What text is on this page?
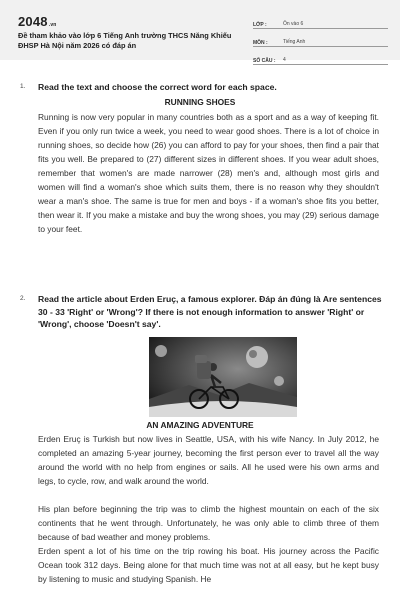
2048.vn
Đề tham khảo vào lớp 6 Tiếng Anh trường THCS Năng Khiếu ĐHSP Hà Nội năm 2026 có đáp án
LỚP :	Ôn vào 6
MÔN :	Tiếng Anh
SỐ CÂU :	4
1. Read the text and choose the correct word for each space.
RUNNING SHOES
Running is now very popular in many countries both as a sport and as a way of keeping fit. Even if you only run twice a week, you need to wear good shoes. There is a lot of choice in running shoes, so decide how (26) you can afford to pay for your shoes, then find a pair that fits you well. Be prepared to (27) different sizes in different shoes. If you wear adult shoes, remember that women's are made narrower (28) men's and, although most girls and women will find a woman's shoe which suits them, there is no reason why they shouldn't wear a man's shoe. The same is true for men and boys - if a woman's shoe fits you better, then wear it. If you make a mistake and buy the wrong shoes, you may (29) serious damage to your feet.
2. Read the article about Erden Eruç, a famous explorer. Đáp án đúng là Are sentences 30 - 33 'Right' or 'Wrong'? If there is not enough information to answer 'Right' or 'Wrong', choose 'Doesn't say'.
AN AMAZING ADVENTURE
Erden Eruç is Turkish but now lives in Seattle, USA, with his wife Nancy. In July 2012, he completed an amazing 5-year journey, becoming the first person ever to travel all the way around the world with no help from engines or sails. All he used were his own arms and legs, to cycle, row, and walk around the world.
His plan before beginning the trip was to climb the highest mountain on each of the six continents that he went through. Unfortunately, he was only able to climb three of them because of bad weather and money problems.
Erden spent a lot of his time on the trip rowing his boat. His journey across the Pacific Ocean took 312 days. Being alone for that much time was not at all easy, but he kept busy by listening to music and studying Spanish. He
